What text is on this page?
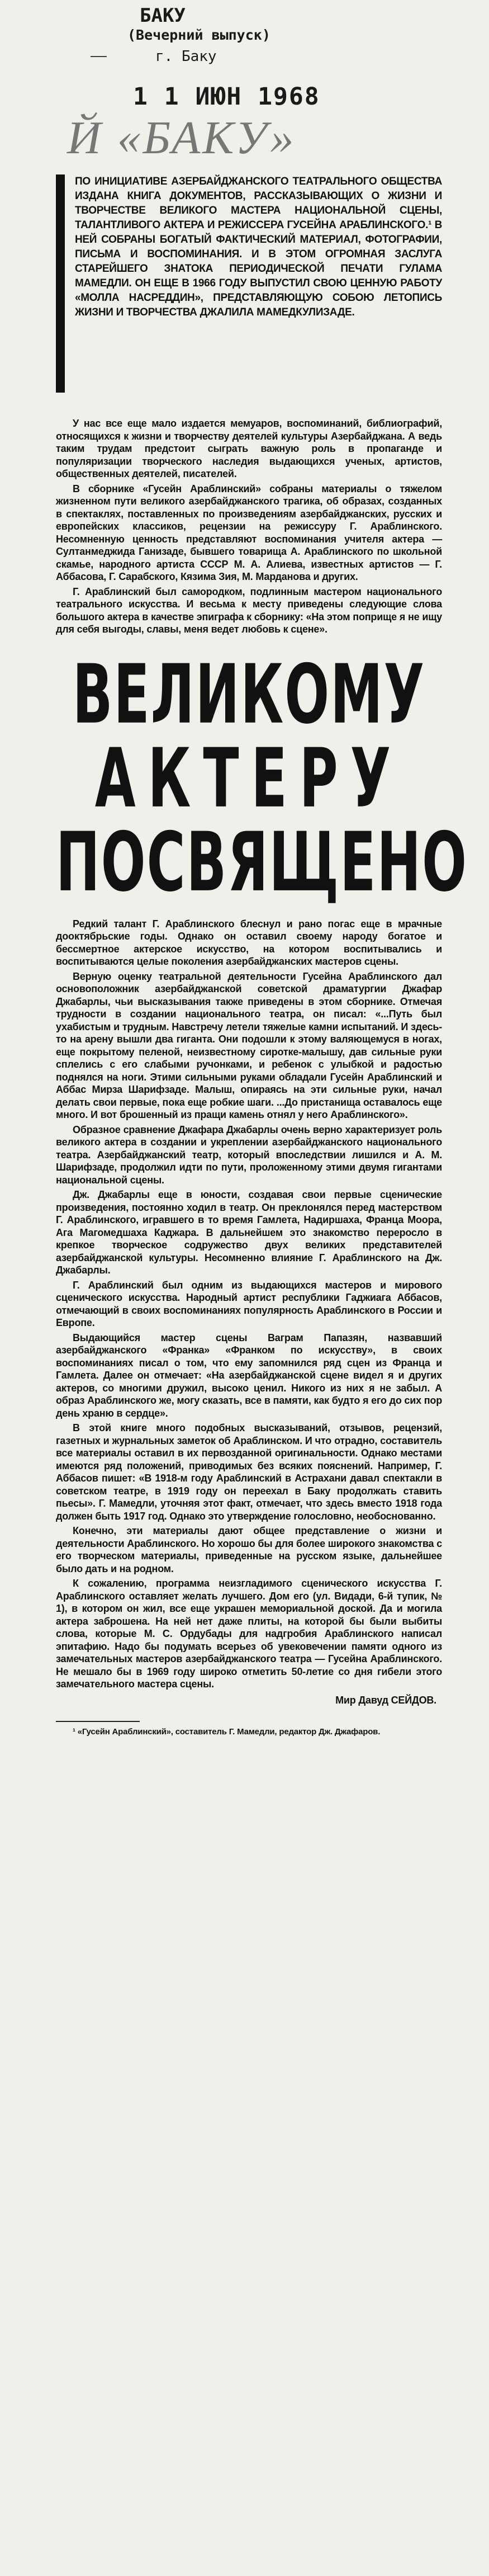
БАКУ
(Вечерний выпуск)
——	г. Баку
1 1 ИЮН 1968
Й «БАКУ»
ПО ИНИЦИАТИВЕ АЗЕРБАЙДЖАНСКОГО ТЕАТРАЛЬНОГО ОБЩЕСТВА ИЗДАНА КНИГА ДОКУМЕНТОВ, РАССКАЗЫВАЮЩИХ О ЖИЗНИ И ТВОРЧЕСТВЕ ВЕЛИКОГО МАСТЕРА НАЦИОНАЛЬНОЙ СЦЕНЫ, ТАЛАНТЛИВОГО АКТЕРА И РЕЖИССЕРА ГУСЕЙНА АРАБЛИНСКОГО.¹ В НЕЙ СОБРАНЫ БОГАТЫЙ ФАКТИЧЕСКИЙ МАТЕРИАЛ, ФОТОГРАФИИ, ПИСЬМА И ВОСПОМИНАНИЯ. И В ЭТОМ ОГРОМНАЯ ЗАСЛУГА СТАРЕЙШЕГО ЗНАТОКА ПЕРИОДИЧЕСКОЙ ПЕЧАТИ ГУЛАМА МАМЕДЛИ. ОН ЕЩЕ В 1966 ГОДУ ВЫПУСТИЛ СВОЮ ЦЕННУЮ РАБОТУ «МОЛЛА НАСРЕДДИН», ПРЕДСТАВЛЯЮЩУЮ СОБОЮ ЛЕТОПИСЬ ЖИЗНИ И ТВОРЧЕСТВА ДЖАЛИЛА МАМЕДКУЛИЗАДЕ.

У нас все еще мало издается мемуаров, воспоминаний, библиографий, относящихся к жизни и творчеству деятелей культуры Азербайджана. А ведь таким трудам предстоит сыграть важную роль в пропаганде и популяризации творческого наследия выдающихся ученых, артистов, общественных деятелей, писателей.

В сборнике «Гусейн Араблинский» собраны материалы о тяжелом жизненном пути великого азербайджанского трагика, об образах, созданных в спектаклях, поставленных по произведениям азербайджанских, русских и европейских классиков, рецензии на режиссуру Г. Араблинского. Несомненную ценность представляют воспоминания учителя актера — Султанмеджида Ганизаде, бывшего товарища А. Араблинского по школьной скамье, народного артиста СССР М. А. Алиева, известных артистов — Г. Аббасова, Г. Сарабского, Кязима Зия, М. Мардановa и других.

Г. Араблинский был самородком, подлинным мастером национального театрального искусства. И весьма к месту приведены следующие слова большого актера в качестве эпиграфа к сборнику: «На этом поприще я не ищу для себя выгоды, славы, меня ведет любовь к сцене».

ВЕЛИКОМУ
АКТЕРУ
ПОСВЯЩЕНО

Редкий талант Г. Араблинского блеснул и рано погас еще в мрачные дооктябрьские годы. Однако он оставил своему народу богатое и бессмертное актерское искусство, на котором воспитывались и воспитываются целые поколения азербайджанских мастеров сцены.

Верную оценку театральной деятельности Гусейна Араблинского дал основоположник азербайджанской советской драматургии Джафар Джабарлы, чьи высказывания также приведены в этом сборнике. Отмечая трудности в создании национального театра, он писал: «...Путь был ухабистым и трудным. Навстречу летели тяжелые камни испытаний. И здесь-то на арену вышли два гиганта. Они подошли к этому валяющемуся в ногах, еще покрытому пеленой, неизвестному сиротке-малышу, дав сильные руки сплелись с его слабыми ручонками, и ребенок с улыбкой и радостью поднялся на ноги. Этими сильными руками обладали Гусейн Араблинский и Аббас Мирза Шарифзаде. Малыш, опираясь на эти сильные руки, начал делать свои первые, пока еще робкие шаги. ...До пристанища оставалось еще много. И вот брошенный из пращи камень отнял у него Араблинского».

Образное сравнение Джафара Джабарлы очень верно характеризует роль великого актера в создании и укреплении азербайджанского национального театра. Азербайджанский театр, который впоследствии лишился и А. М. Шарифзаде, продолжил идти по пути, проложенному этими двумя гигантами национальной сцены.

Дж. Джабарлы еще в юности, создавая свои первые сценические произведения, постоянно ходил в театр. Он преклонялся перед мастерством Г. Араблинского, игравшего в то время Гамлета, Надиршаха, Франца Моора, Ага Магомедшаха Каджара. В дальнейшем это знакомство переросло в крепкое творческое содружество двух великих представителей азербайджанской культуры. Несомненно влияние Г. Араблинского на Дж. Джабарлы.

Г. Араблинский был одним из выдающихся мастеров и мирового сценического искусства. Народный артист республики Гаджиага Аббасов, отмечающий в своих воспоминаниях популярность Араблинского в России и Европе.

Выдающийся мастер сцены Ваграм Папазян, назвавший азербайджанского «Франкa» «Франком по искусству», в своих воспоминаниях писал о том, что ему запомнился ряд сцен из Франца и Гамлета. Далее он отмечает: «На азербайджанской сцене видел я и других актеров, со многими дружил, высоко ценил. Никого из них я не забыл. А образ Араблинского же, могу сказать, все в памяти, как будто я его до сих пор день храню в сердце».

В этой книге много подобных высказываний, отзывов, рецензий, газетных и журнальных заметок об Араблинском. И что отрадно, составитель все материалы оставил в их первозданной оригинальности. Однако местами имеются ряд положений, приводимых без всяких пояснений. Например, Г. Аббасов пишет: «В 1918-м году Араблинский в Астрахани давал спектакли в советском театре, в 1919 году он переехал в Баку продолжать ставить пьесы». Г. Мамедли, уточняя этот факт, отмечает, что здесь вместо 1918 года должен быть 1917 год. Однако это утверждение голословно, необоснованно.

Конечно, эти материалы дают общее представление о жизни и деятельности Араблинского. Но хорошо бы для более широкого знакомства с его творческом материалы, приведенные на русском языке, дальнейшее было дать и на родном.

К сожалению, программа неизгладимого сценического искусства Г. Араблинского оставляет желать лучшего. Дом его (ул. Видади, 6-й тупик, № 1), в котором он жил, все еще украшен мемориальной доской. Да и могила актера заброшена. На ней нет даже плиты, на которой бы были выбиты слова, которые М. С. Ордубады для надгробия Араблинского написал эпитафию. Надо бы подумать всерьез об увековечении памяти одного из замечательных мастеров азербайджанского театра — Гусейна Араблинского. Не мешало бы в 1969 году широко отметить 50-летие со дня гибели этого замечательного мастера сцены.

Мир Давуд СЕЙДОВ.

¹ «Гусейн Араблинский», составитель Г. Мамедли, редактор Дж. Джафаров.
